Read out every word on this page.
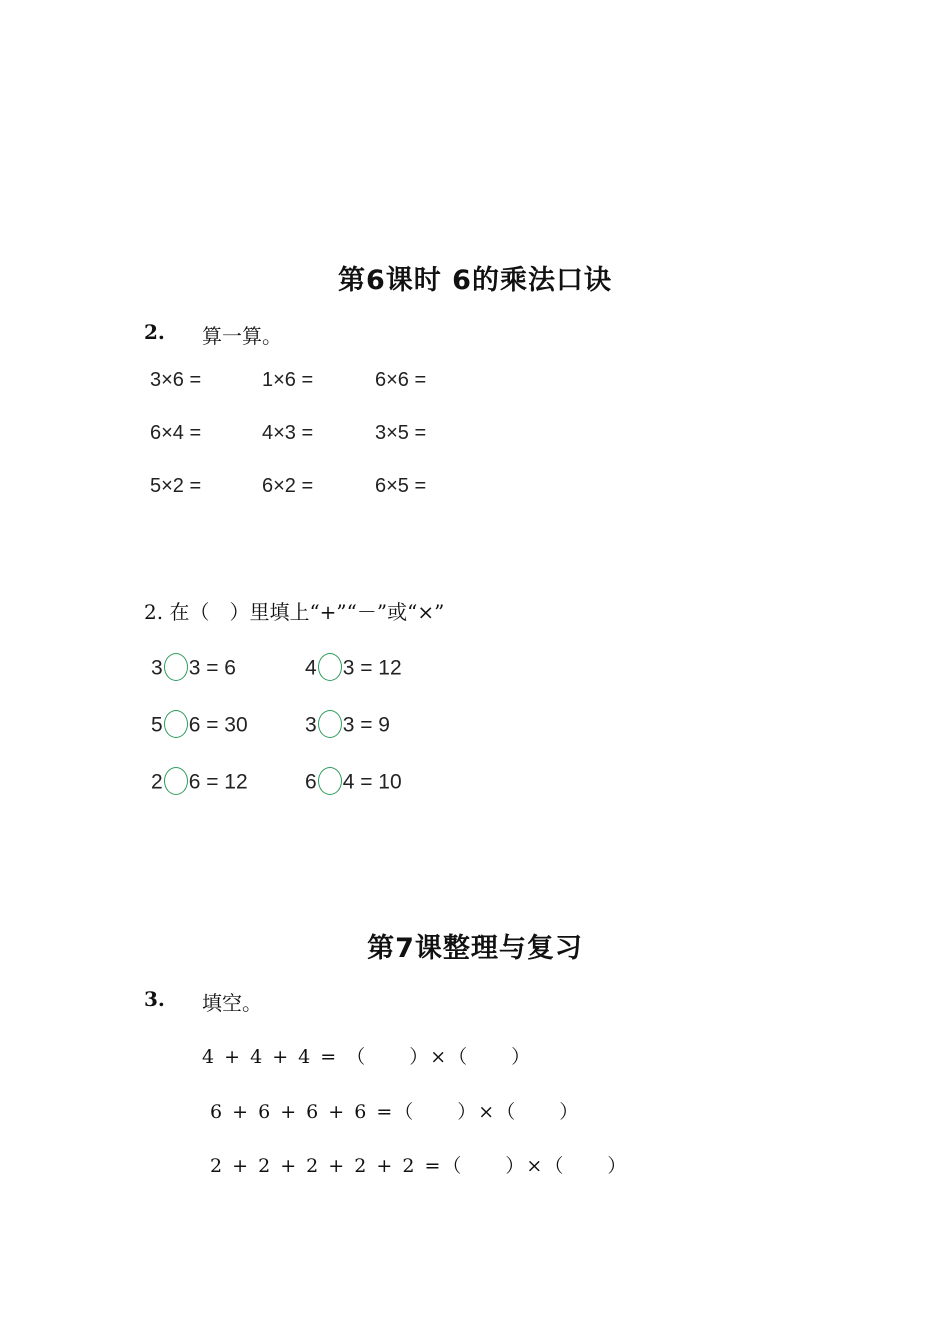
第6课时 6的乘法口诀
2. 算一算。
3×6 =	1×6 =	6×6 =
6×4 =	4×3 =	3×5 =
5×2 =	6×2 =	6×5 =
2. 在（　）里填上“+”“－”或“×”
3 3 = 6	4 3 = 12
5 6 = 30	3 3 = 9
2 6 = 12	6 4 = 10
第7课整理与复习
3. 填空。
4 + 4 + 4 = （　　）×（　　）
6 + 6 + 6 + 6 =（　　）×（　　）
2 + 2 + 2 + 2 + 2 =（　　）×（　　）
